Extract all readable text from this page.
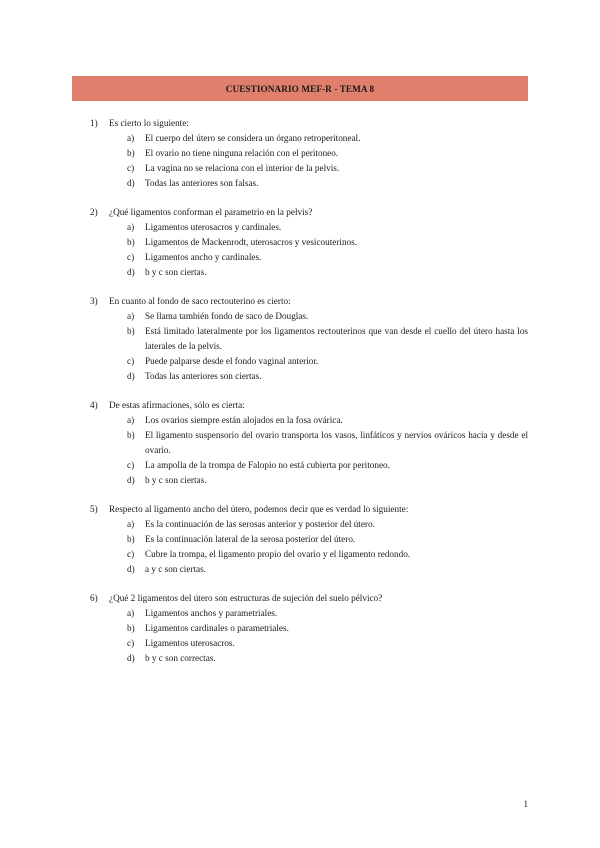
CUESTIONARIO MEF-R - TEMA 8
1)	Es cierto lo siguiente:
a)	El cuerpo del útero se considera un órgano retroperitoneal.
b)	El ovario no tiene ninguna relación con el peritoneo.
c)	La vagina no se relaciona con el interior de la pelvis.
d)	Todas las anteriores son falsas.
2)	¿Qué ligamentos conforman el parametrio en la pelvis?
a)	Ligamentos uterosacros y cardinales.
b)	Ligamentos de Mackenrodt, uterosacros y vesicouterinos.
c)	Ligamentos ancho y cardinales.
d)	b y c son ciertas.
3)	En cuanto al fondo de saco rectouterino es cierto:
a)	Se llama también fondo de saco de Douglas.
b)	Está limitado lateralmente por los ligamentos rectouterinos que van desde el cuello del útero hasta los laterales de la pelvis.
c)	Puede palparse desde el fondo vaginal anterior.
d)	Todas las anteriores son ciertas.
4)	De estas afirmaciones, sólo es cierta:
a)	Los ovarios siempre están alojados en la fosa ovárica.
b)	El ligamento suspensorio del ovario transporta los vasos, linfáticos y nervios ováricos hacia y desde el ovario.
c)	La ampolla de la trompa de Falopio no está cubierta por peritoneo.
d)	b y c son ciertas.
5)	Respecto al ligamento ancho del útero, podemos decir que es verdad lo siguiente:
a)	Es la continuación de las serosas anterior y posterior del útero.
b)	Es la continuación lateral de la serosa posterior del útero.
c)	Cubre la trompa, el ligamento propio del ovario y el ligamento redondo.
d)	a y c son ciertas.
6)	¿Qué 2 ligamentos del útero son estructuras de sujeción del suelo pélvico?
a)	Ligamentos anchos y parametriales.
b)	Ligamentos cardinales o parametriales.
c)	Ligamentos uterosacros.
d)	b y c son correctas.
1
